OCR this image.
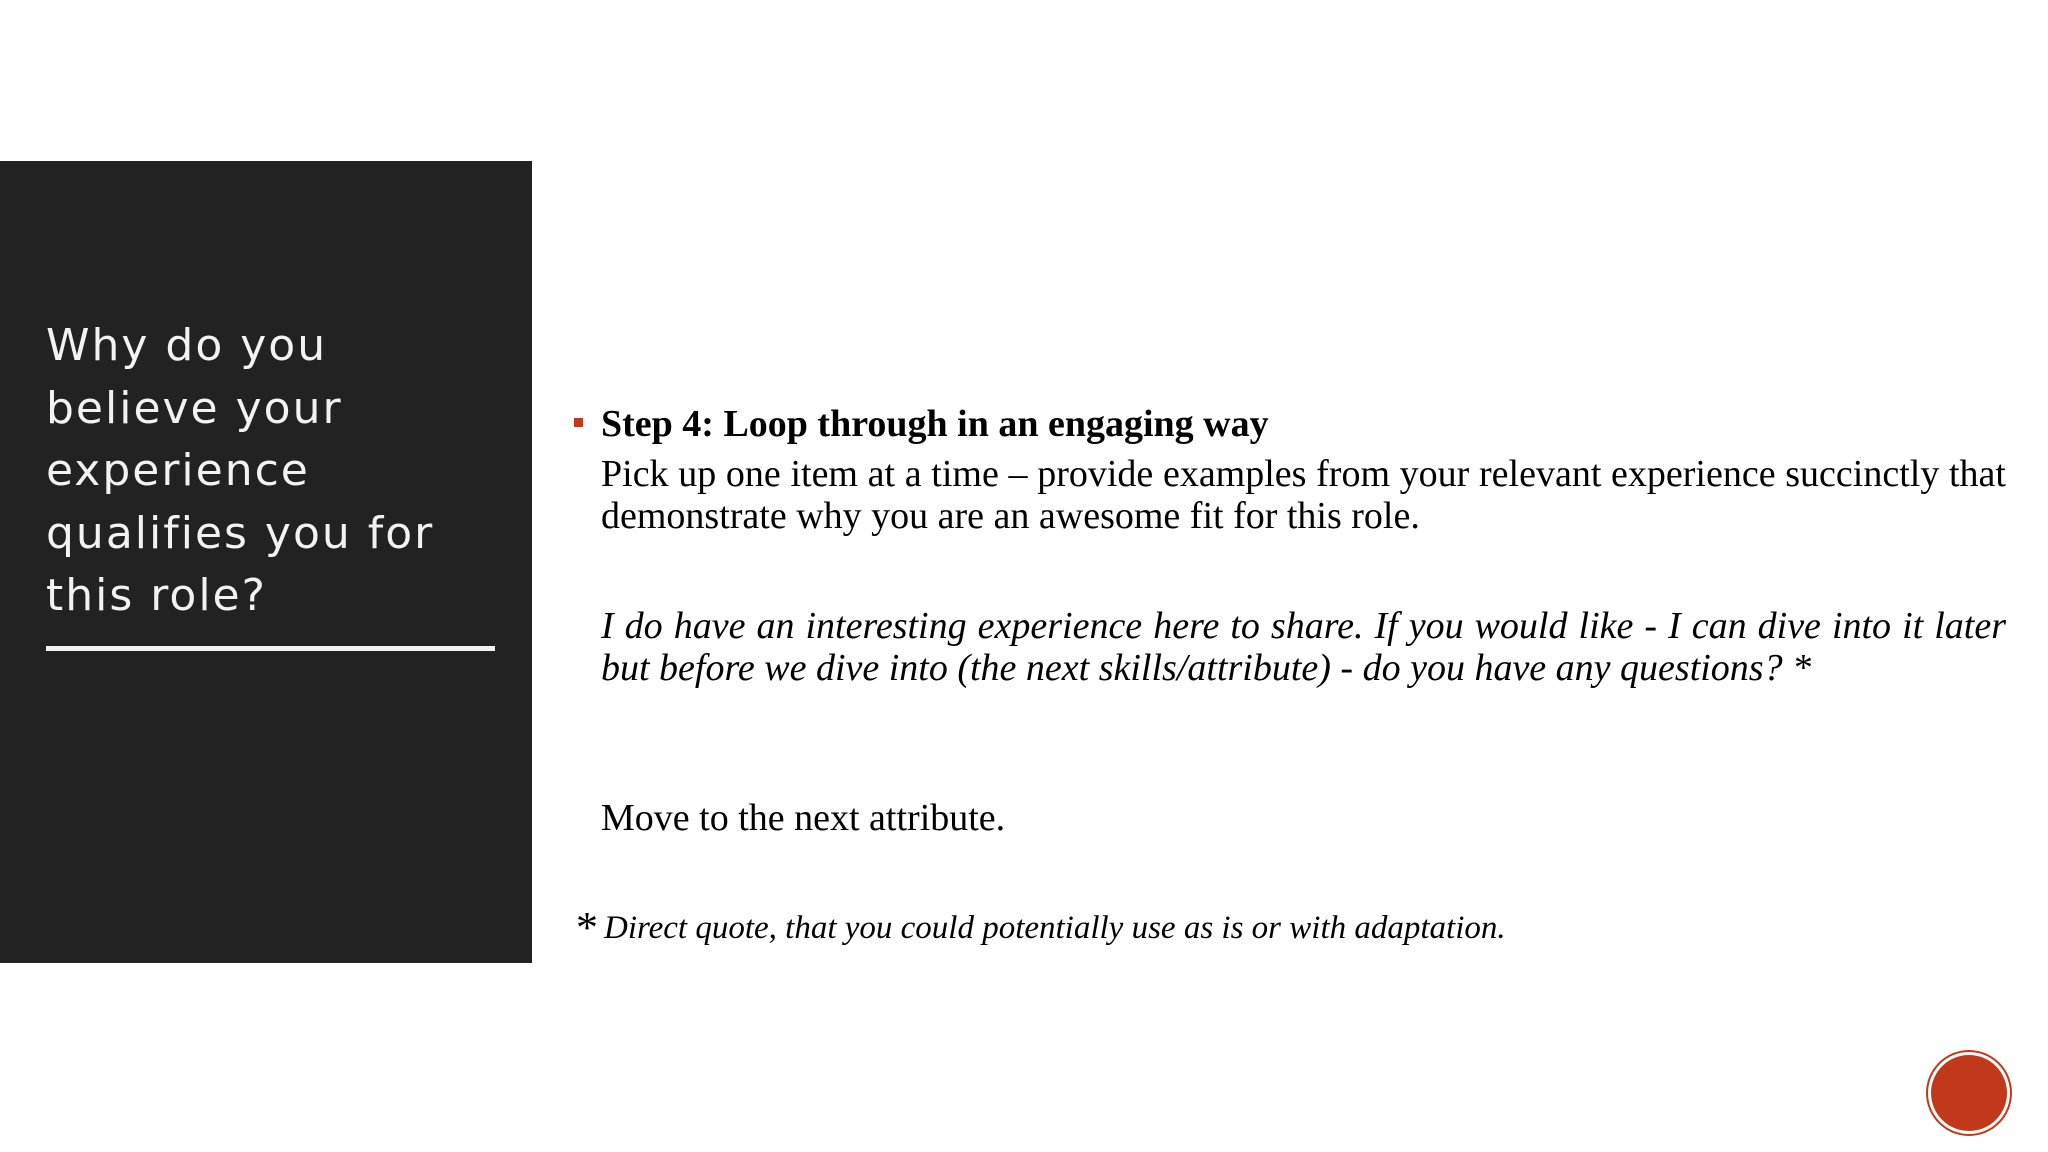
Why do you
believe your
experience
qualifies you for
this role?
Step 4: Loop through in an engaging way

Pick up one item at a time – provide examples from your relevant experience succinctly that demonstrate why you are an awesome fit for this role.

I do have an interesting experience here to share. If you would like - I can dive into it later but before we dive into (the next skills/attribute) - do you have any questions? *

Move to the next attribute.

* Direct quote, that you could potentially use as is or with adaptation.
